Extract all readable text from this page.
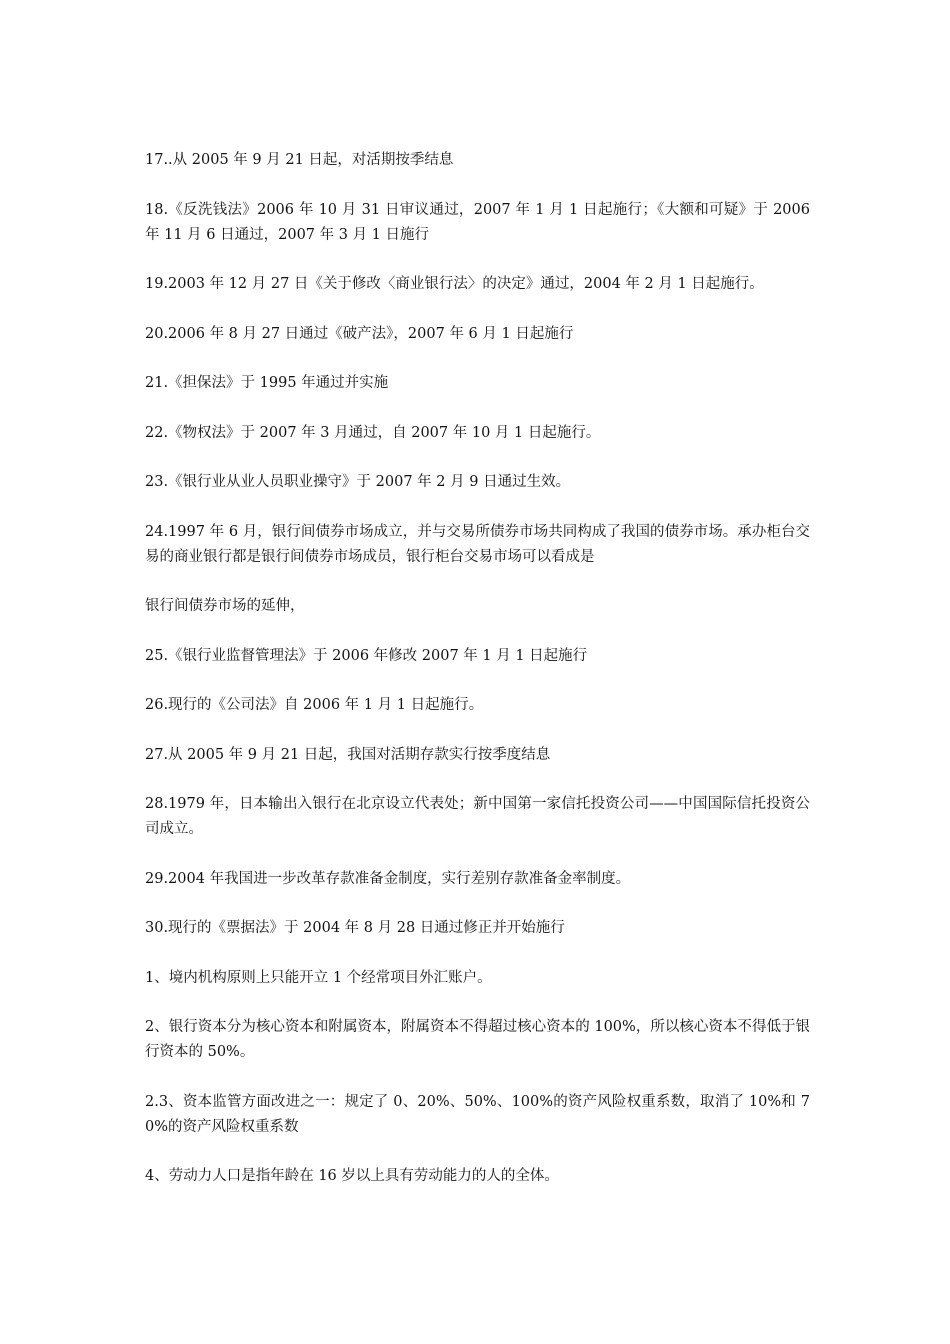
17..从 2005 年 9 月 21 日起，对活期按季结息

18.《反洗钱法》2006 年 10 月 31 日审议通过，2007 年 1 月 1 日起施行；《大额和可疑》于 2006 年 11 月 6 日通过，2007 年 3 月 1 日施行

19.2003 年 12 月 27 日《关于修改〈商业银行法〉的决定》通过，2004 年 2 月 1 日起施行。

20.2006 年 8 月 27 日通过《破产法》，2007 年 6 月 1 日起施行

21.《担保法》于 1995 年通过并实施

22.《物权法》于 2007 年 3 月通过，自 2007 年 10 月 1 日起施行。

23.《银行业从业人员职业操守》于 2007 年 2 月 9 日通过生效。

24.1997 年 6 月，银行间债券市场成立，并与交易所债券市场共同构成了我国的债券市场。承办柜台交易的商业银行都是银行间债券市场成员，银行柜台交易市场可以看成是

银行间债券市场的延伸，

25.《银行业监督管理法》于 2006 年修改 2007 年 1 月 1 日起施行

26.现行的《公司法》自 2006 年 1 月 1 日起施行。

27.从 2005 年 9 月 21 日起，我国对活期存款实行按季度结息

28.1979 年，日本输出入银行在北京设立代表处；新中国第一家信托投资公司——中国国际信托投资公司成立。

29.2004 年我国进一步改革存款准备金制度，实行差别存款准备金率制度。

30.现行的《票据法》于 2004 年 8 月 28 日通过修正并开始施行

1、境内机构原则上只能开立 1 个经常项目外汇账户。

2、银行资本分为核心资本和附属资本，附属资本不得超过核心资本的 100%，所以核心资本不得低于银行资本的 50%。

2.3、资本监管方面改进之一：规定了 0、20%、50%、100%的资产风险权重系数，取消了 10%和 70%的资产风险权重系数

4、劳动力人口是指年龄在 16 岁以上具有劳动能力的人的全体。
